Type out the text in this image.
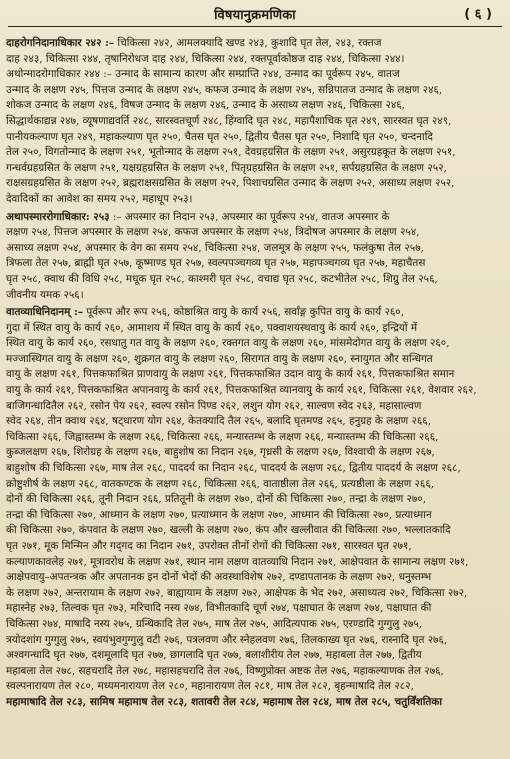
विषयानुक्रमणिका	( ६ )
दाहरोगनिदानाधिकार २४२ :– चिकित्सा २४२, आमलक्यादि खण्ड २४३, कुशादि घृत तेल, २४३, रक्तज
दाह २४३, चिकित्सा २४४, तृषानिरोधज दाह २४४, चिकित्सा २४४, रक्तपूर्वाकोष्ठज दाह २४४, चिकित्सा २४४।
अथोन्मादरोगाधिकार २४४ :– उन्माद के सामान्य कारण और सम्प्राप्ति २४४, उन्माद का पूर्वरूप २४५, वातज
उन्माद के लक्षण २४५, पित्तज उन्माद के लक्षण २४५, कफज उन्माद के लक्षण २४५, सन्निपातज उन्माद के लक्षण २४६,
शोकज उन्माद के लक्षण २४६, विषज उन्माद के लक्षण २४६, उन्माद के असाध्य लक्षण २४६, चिकित्सा २४६,
सिद्धार्थकाद्यन्न २४७, व्यूषणाद्यवर्ति २४८, सारस्वतचूर्ण २४८, हिंग्वादि घृत २४८, महापैशाचिक घृत २४९, सारस्वत घृत २४९,
पानीयकल्याण घृत २४९, महाकल्याण घृत २५०, चैतस घृत २५०, द्वितीय चैतस घृत २५०, निशादि घृत २५०, चन्दनादि
तेल २५०, विगतोन्माद के लक्षण २५१, भूतोन्माद के लक्षण २५१, देवग्रहग्रसित के लक्षण २५१, असुरग्रहकूत के लक्षण २५१,
गन्धर्वग्रहग्रसित के लक्षण २५१, यक्षग्रहग्रसित के लक्षण २५१, पितृग्रहग्रसित के लक्षण २५१, सर्पग्रहग्रसित के लक्षण २५२,
राक्षसग्रहग्रसित के लक्षण २५२, ब्रह्मराक्षसग्रसित के लक्षण २५२, पिशाचग्रसित उन्माद के लक्षण २५२, असाध्य लक्षण २५२,
देवादिकों का आवेश का समय २५२, महाधूप २५३।
अथापस्माररोगाधिकार: २५३ :– अपस्मार का निदान २५३, अपस्मार का पूर्वरूप २५४, वातज अपस्मार के
लक्षण २५४, पित्तज अपस्मार के लक्षण २५४, कफज अपस्मार के लक्षण २५४, त्रिदोषज अपस्मार के लक्षण २५४,
असाध्य लक्षण २५४, अपस्मार के वेग का समय २५४, चिकित्सा २५४, जलमूत्र के लक्षण २५५, फलंकुषा तेल २५७,
त्रिफला तेल २५७, ब्राह्मी घृत २५७, कूष्माण्ड घृत २५७, स्वल्पपञ्चगव्य घृत २५७, महापञ्चगव्य घृत २५७, महाचैतस
घृत २५८, क्वाथ की विधि २५८, मधूक घृत २५८, काश्मरी घृत २५८, वचाद्य घृत २५८, कटभीतेल २५८, शिग्रु तेल २५६,
जीवनीय यमक २५६।
वातव्याधिनिदानम् :– पूर्वरूप और रूप २५६, कोष्ठाश्रित वायु के कार्य २५६, सर्वांङ्ग कुपित वायु के कार्य २६०,
गुदा में स्थित वायु के कार्य २६०, आमाशय में स्थित वायु के कार्य २६०, पक्वाशयस्थवायु के कार्य २६०, इन्द्रियों में
स्थित वायु के कार्य २६०, रसधातु गत वायु के लक्षण २६०, रक्तगत वायु के लक्षण २६०, मांसमेदोगत वायु के लक्षण २६०,
मज्जास्थिगत वायु के लक्षण २६०, शुक्रगत वायु के लक्षण २६०, सिरागत वायु के लक्षण २६०, स्नायुगत और सन्धिगत
वायु के लक्षण २६१, पित्तकफाश्रित प्राणवायु के लक्षण २६१, पित्तकफाश्रित उदान वायु के कार्य २६१, पित्तकफाश्रित समान
वायु के कार्य २६१, पित्तकफाश्रित अपानवायु के कार्य २६१, पित्तकफाश्रित व्यानवायु के कार्य २६१, चिकित्सा २६१, वेशवार २६२,
बाजिगन्धादितैल २६२, रसोन पेय २६२, स्वल्प रसोन पिण्ड २६२, लशुन योग २६२, साल्वण स्वेद २६३, महासाल्वण
स्वेद २६४, तीन क्वाथ २६४, षट्धारण योग २६४, केतक्यादि तैल २६५, बलादि घृतमण्ड २६५, हनुग्रह के लक्षण २६६,
चिकित्सा २६६, जिह्वास्तम्भ के लक्षण २६६, चिकित्सा २६६, मन्यास्तम्भ के लक्षण २६६, मन्यास्तम्भ की चिकित्सा २६६,
कुब्जलक्षण २६७, शिरोग्रह के लक्षण २६७, बाहुशोष का निदान २६७, गृध्रसी के लक्षण २६७, विश्वाची के लक्षण २६७,
बाहुशोष की चिकित्सा २६७, माष तेल २६८, पाददर्य का निदान २६८, पाददर्य के लक्षण २६८, द्वितीय पाददर्य के लक्षण २६८,
क्रोष्टुशीर्ष के लक्षण २६८, वातकण्टक के लक्षण २६८, चिकित्सा २६६, वाताष्ठीला तेल २६६, प्रत्यष्ठीला के लक्षण २६६,
दोनों की चिकित्सा २६६, तूनी निदान २६६, प्रतितूनी के लक्षण २७०, दोनों की चिकित्सा २७०, तन्द्रा के लक्षण २७०,
तन्द्रा की चिकित्सा २७०, आध्मान के लक्षण २७०, प्रत्याध्मान के लक्षण २७०, आध्मान की चिकित्सा २७०, प्रत्याध्मान
की चिकित्सा २७०, कंपवात के लक्षण २७०, खल्ली के लक्षण २७०, कंप और खल्लीवात की चिकित्सा २७०, भल्लातकादि
घृत २७१, मूक मिन्मिन और गद्‌गद का निदान २७१, उपरोक्त तीनों रोगों की चिकित्सा २७१, सारस्वत घृत २७१,
कल्याणकावलेह २७१, मूत्रावरोध के लक्षण २७१, स्थान नाम लक्षण वातव्याधि निदान २७१, आक्षेपवात के सामान्य लक्षण २७१,
आक्षेपवायु–अपतन्त्रक और अपतानक इन दोनों भेदों की अवस्थाविशेष २७२, दण्डापतानक के लक्षण २७२, धनुस्तम्भ
के लक्षण २७२, अन्तरायाम के लक्षण २७२, बाह्यायाम के लक्षण २७२, आक्षेपक के भेद २७२, असाध्यत्व २७२, चिकित्सा २७२,
महास्नेह २७३, तिल्वक घृत २७३, मरिचादि नस्य २७४, विभीतकादि चूर्ण २७४, पक्षाघात के लक्षण २७४, पक्षाघात की
चिकित्सा २७४, माषादि नस्य २७५, ग्रन्थिकादि तेल २७५, माष तेल २७५, आदित्यपाक २७५, एरण्डादि गुग्गुलु २७५,
त्रयोदशांग गुग्गुलु २७५, स्वयंभुवगुग्गुलु वटी २७६, पत्रलवण और स्नेहलवण २७६, तिलकाख्य घृत २७६, रास्नादि घृत २७६,
अश्वगन्धादि घृत २७७, दशमूलादि घृत २७७, छागलादि घृत २७७, बलाशीरीय तेल २७७, महाबला तेल २७७, द्वितीय
महाबला तेल २७८, सहचरादि तेल २७८, महासहचरादि तेल २७६, विष्णुप्रोक्त अष्टक तेल २७६, महाकल्याणक तेल २७६,
स्वल्पनारायण तेल २८०, मध्यमनारायण तेल २८०, महानारायण तेल २८१, माष तेल २८२, बृहन्माषादि तेल २८२,
महामाषादि तेल २८३, सामिष महामाष तेल २८३, शतावरी तेल २८४, महामाष तेल २८४, माष तेल २८५, चतुर्विंशतिका
